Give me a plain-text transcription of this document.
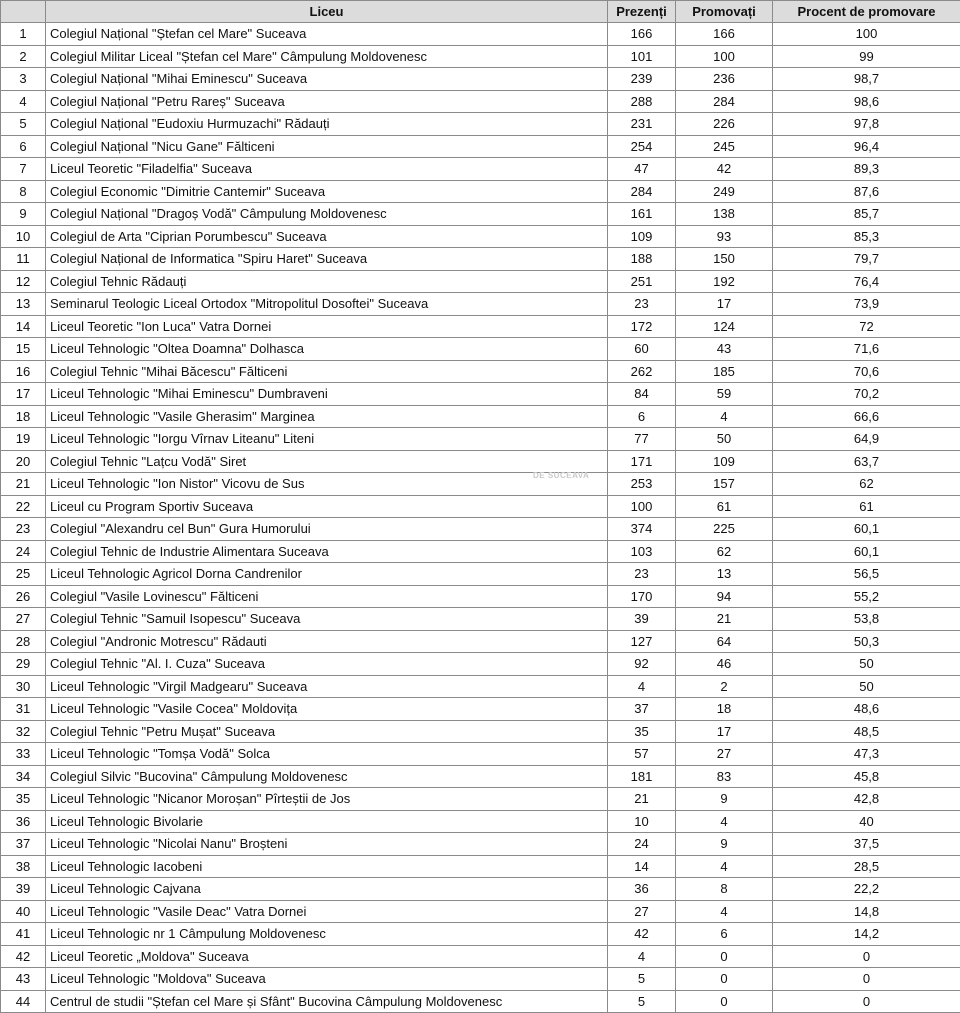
	Liceu	Prezenți	Promovați	Procent de promovare
1	Colegiul Național "Ștefan cel Mare" Suceava	166	166	100
2	Colegiul Militar Liceal "Ștefan cel Mare" Câmpulung Moldovenesc	101	100	99
3	Colegiul Național "Mihai Eminescu" Suceava	239	236	98,7
4	Colegiul Național "Petru Rareș" Suceava	288	284	98,6
5	Colegiul Național "Eudoxiu Hurmuzachi" Rădauți	231	226	97,8
6	Colegiul Național "Nicu Gane" Fălticeni	254	245	96,4
7	Liceul Teoretic "Filadelfia" Suceava	47	42	89,3
8	Colegiul Economic "Dimitrie Cantemir" Suceava	284	249	87,6
9	Colegiul Național "Dragoș Vodă" Câmpulung Moldovenesc	161	138	85,7
10	Colegiul de Arta "Ciprian Porumbescu" Suceava	109	93	85,3
11	Colegiul Național de Informatica "Spiru Haret" Suceava	188	150	79,7
12	Colegiul Tehnic Rădauți	251	192	76,4
13	Seminarul Teologic Liceal Ortodox "Mitropolitul Dosoftei" Suceava	23	17	73,9
14	Liceul Teoretic "Ion Luca" Vatra Dornei	172	124	72
15	Liceul Tehnologic "Oltea Doamna" Dolhasca	60	43	71,6
16	Colegiul Tehnic "Mihai Băcescu" Fălticeni	262	185	70,6
17	Liceul Tehnologic "Mihai Eminescu" Dumbraveni	84	59	70,2
18	Liceul Tehnologic "Vasile Gherasim" Marginea	6	4	66,6
19	Liceul Tehnologic "Iorgu Vîrnav Liteanu" Liteni	77	50	64,9
20	Colegiul Tehnic "Lațcu Vodă" Siret	171	109	63,7
21	Liceul Tehnologic "Ion Nistor" Vicovu de Sus	253	157	62
22	Liceul cu Program Sportiv Suceava	100	61	61
23	Colegiul "Alexandru cel Bun" Gura Humorului	374	225	60,1
24	Colegiul Tehnic de Industrie Alimentara Suceava	103	62	60,1
25	Liceul Tehnologic Agricol Dorna Candrenilor	23	13	56,5
26	Colegiul "Vasile Lovinescu" Fălticeni	170	94	55,2
27	Colegiul Tehnic "Samuil Isopescu" Suceava	39	21	53,8
28	Colegiul "Andronic Motrescu" Rădauti	127	64	50,3
29	Colegiul Tehnic "Al. I. Cuza" Suceava	92	46	50
30	Liceul Tehnologic "Virgil Madgearu" Suceava	4	2	50
31	Liceul Tehnologic "Vasile Cocea" Moldovița	37	18	48,6
32	Colegiul Tehnic "Petru Mușat" Suceava	35	17	48,5
33	Liceul Tehnologic "Tomșa Vodă" Solca	57	27	47,3
34	Colegiul Silvic "Bucovina" Câmpulung Moldovenesc	181	83	45,8
35	Liceul Tehnologic "Nicanor Moroșan" Pîrteștii de Jos	21	9	42,8
36	Liceul Tehnologic Bivolarie	10	4	40
37	Liceul Tehnologic "Nicolai Nanu" Broșteni	24	9	37,5
38	Liceul Tehnologic Iacobeni	14	4	28,5
39	Liceul Tehnologic Cajvana	36	8	22,2
40	Liceul Tehnologic "Vasile Deac" Vatra Dornei	27	4	14,8
41	Liceul Tehnologic nr 1 Câmpulung Moldovenesc	42	6	14,2
42	Liceul Teoretic „Moldova" Suceava	4	0	0
43	Liceul Tehnologic "Moldova" Suceava	5	0	0
44	Centrul de studii "Ștefan cel Mare și Sfânt" Bucovina Câmpulung Moldovenesc	5	0	0
DE SUCEAVA
